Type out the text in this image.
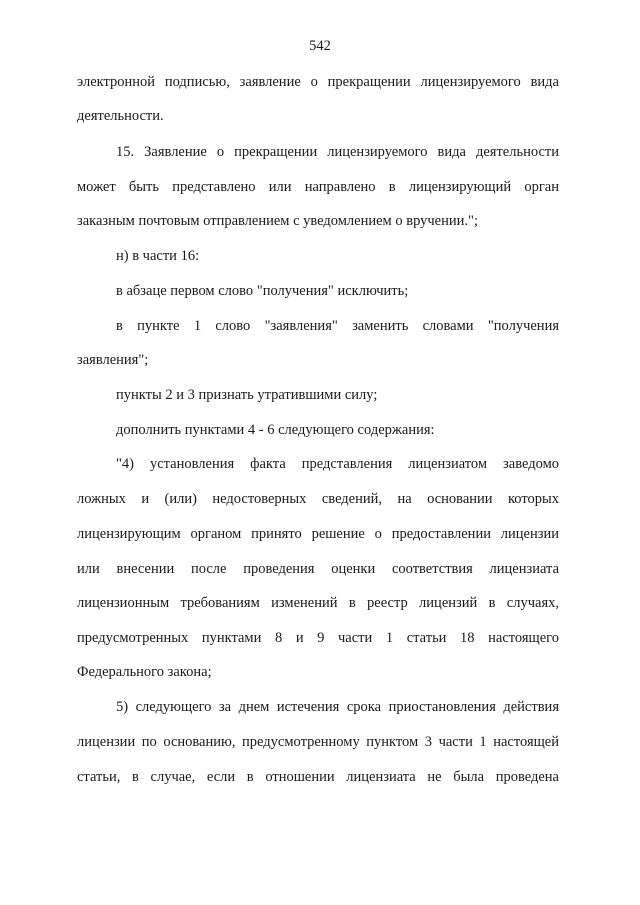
542
электронной подписью, заявление о прекращении лицензируемого вида
деятельности.
15. Заявление о прекращении лицензируемого вида деятельности
может быть представлено или направлено в лицензирующий орган
заказным почтовым отправлением с уведомлением о вручении.";
н) в части 16:
в абзаце первом слово "получения" исключить;
в пункте 1 слово "заявления" заменить словами "получения
заявления";
пункты 2 и 3 признать утратившими силу;
дополнить пунктами 4 - 6 следующего содержания:
"4) установления факта представления лицензиатом заведомо
ложных и (или) недостоверных сведений, на основании которых
лицензирующим органом принято решение о предоставлении лицензии
или внесении после проведения оценки соответствия лицензиата
лицензионным требованиям изменений в реестр лицензий в случаях,
предусмотренных пунктами 8 и 9 части 1 статьи 18 настоящего
Федерального закона;
5) следующего за днем истечения срока приостановления действия
лицензии по основанию, предусмотренному пунктом 3 части 1 настоящей
статьи, в случае, если в отношении лицензиата не была проведена
